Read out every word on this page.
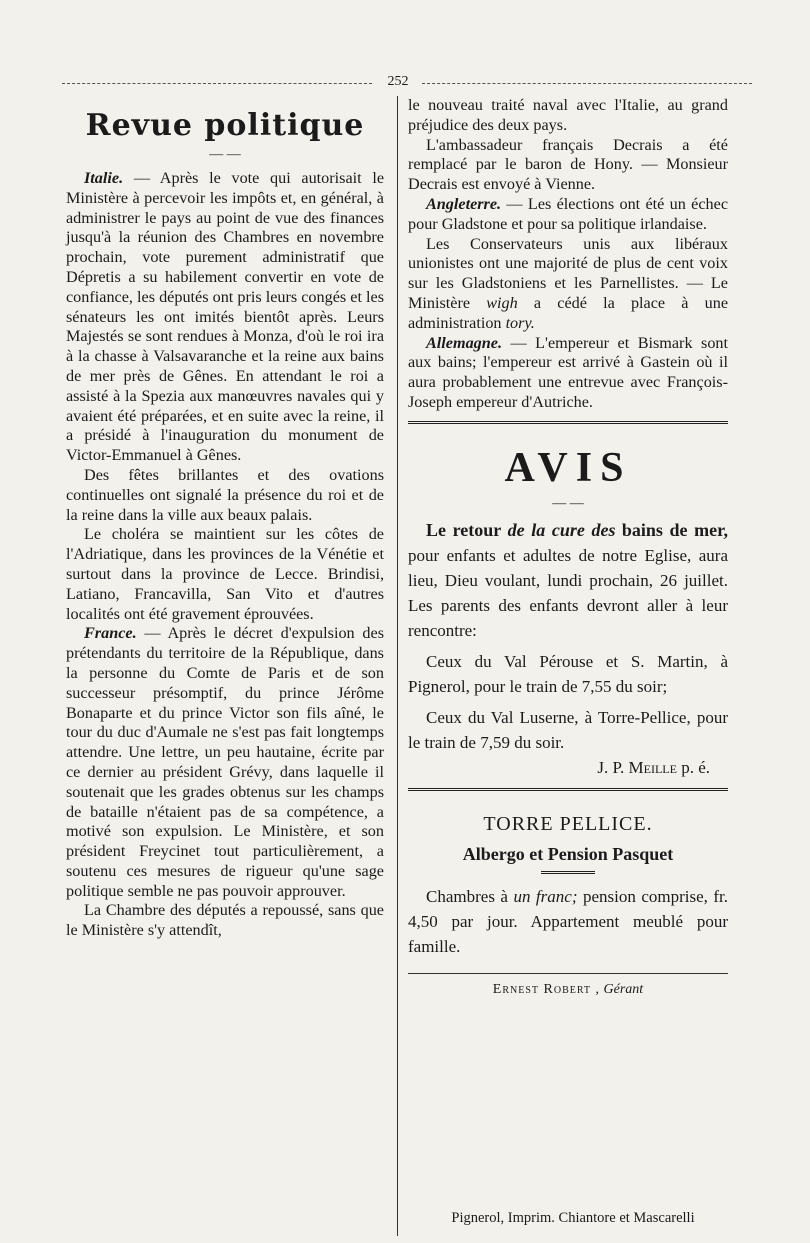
252
Revue politique
— —

Italie. — Après le vote qui autorisait le Ministère à percevoir les impôts et, en général, à administrer le pays au point de vue des finances jusqu'à la réunion des Chambres en novembre prochain, vote purement administratif que Dépretis a su habilement convertir en vote de confiance, les députés ont pris leurs congés et les sénateurs les ont imités bientôt après. Leurs Majestés se sont rendues à Monza, d'où le roi ira à la chasse à Valsavaranche et la reine aux bains de mer près de Gênes. En attendant le roi a assisté à la Spezia aux manœuvres navales qui y avaient été préparées, et en suite avec la reine, il a présidé à l'inauguration du monument de Victor-Emmanuel à Gênes.

Des fêtes brillantes et des ovations continuelles ont signalé la présence du roi et de la reine dans la ville aux beaux palais.

Le choléra se maintient sur les côtes de l'Adriatique, dans les provinces de la Vénétie et surtout dans la province de Lecce. Brindisi, Latiano, Francavilla, San Vito et d'autres localités ont été gravement éprouvées.

France. — Après le décret d'expulsion des prétendants du territoire de la République, dans la personne du Comte de Paris et de son successeur présomptif, du prince Jérôme Bonaparte et du prince Victor son fils aîné, le tour du duc d'Aumale ne s'est pas fait longtemps attendre. Une lettre, un peu hautaine, écrite par ce dernier au président Grévy, dans laquelle il soutenait que les grades obtenus sur les champs de bataille n'étaient pas de sa compétence, a motivé son expulsion. Le Ministère, et son président Freycinet tout particulièrement, a soutenu ces mesures de rigueur qu'une sage politique semble ne pas pouvoir approuver.

La Chambre des députés a repoussé, sans que le Ministère s'y attendît,

le nouveau traité naval avec l'Italie, au grand préjudice des deux pays.

L'ambassadeur français Decrais a été remplacé par le baron de Hony. — Monsieur Decrais est envoyé à Vienne.

Angleterre. — Les élections ont été un échec pour Gladstone et pour sa politique irlandaise.

Les Conservateurs unis aux libéraux unionistes ont une majorité de plus de cent voix sur les Gladstoniens et les Parnellistes. — Le Ministère wigh a cédé la place à une administration tory.

Allemagne. — L'empereur et Bismark sont aux bains; l'empereur est arrivé à Gastein où il aura probablement une entrevue avec François-Joseph empereur d'Autriche.

AVIS
— —

Le retour de la cure des bains de mer, pour enfants et adultes de notre Eglise, aura lieu, Dieu voulant, lundi prochain, 26 juillet. Les parents des enfants devront aller à leur rencontre:

Ceux du Val Pérouse et S. Martin, à Pignerol, pour le train de 7,55 du soir;

Ceux du Val Luserne, à Torre-Pellice, pour le train de 7,59 du soir.

J. P. Meille p. é.

TORRE PELLICE.
Albergo et Pension Pasquet

Chambres à un franc; pension comprise, fr. 4,50 par jour. Appartement meublé pour famille.

Ernest Robert , Gérant
Pignerol, Imprim. Chiantore et Mascarelli
